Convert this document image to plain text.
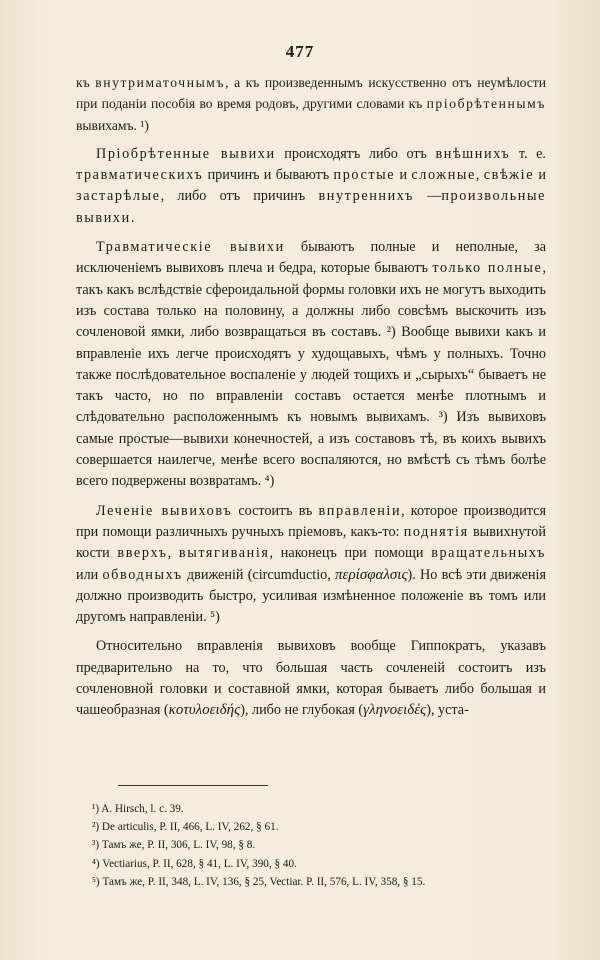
477

къ внутриматочнымъ, а къ произведеннымъ искусственно отъ неумѣлости при поданіи пособія во время родовъ, другими словами къ пріобрѣтеннымъ вывихамъ. ¹)

Пріобрѣтенные вывихи происходятъ либо отъ внѣшнихъ т. е. травматическихъ причинъ и бываютъ простые и сложные, свѣжіе и застарѣлые, либо отъ причинъ внутреннихъ —произвольные вывихи.

Травматическіе вывихи бываютъ полные и неполные, за исключеніемъ вывиховъ плеча и бедра, которые бываютъ только полные, такъ какъ вслѣдствіе сфероидальной формы головки ихъ не могутъ выходить изъ состава только на половину, а должны либо совсѣмъ выскочить изъ сочленовой ямки, либо возвращаться въ составъ. ²) Вообще вывихи какъ и вправленіе ихъ легче происходятъ у худощавыхъ, чѣмъ у полныхъ. Точно также послѣдовательное воспаленіе у людей тощихъ и „сырыхъ“ бываетъ не такъ часто, но по вправленіи составъ остается менѣе плотнымъ и слѣдовательно расположеннымъ къ новымъ вывихамъ. ³) Изъ вывиховъ самые простые—вывихи конечностей, а изъ составовъ тѣ, въ коихъ вывихъ совершается наилегче, менѣе всего воспаляются, но вмѣстѣ съ тѣмъ болѣе всего подвержены возвратамъ. ⁴)

Леченіе вывиховъ состоитъ въ вправленіи, которое производится при помощи различныхъ ручныхъ пріемовъ, какъ-то: поднятія вывихнутой кости вверхъ, вытягиванія, наконецъ при помощи вращательныхъ или обводныхъ движеній (circumductio, περίσφαλσις). Но всѣ эти движенія должно производить быстро, усиливая измѣненное положеніе въ томъ или другомъ направленіи. ⁵)

Относительно вправленія вывиховъ вообще Гиппократъ, указавъ предварительно на то, что большая часть сочленеій состоитъ изъ сочленовной головки и составной ямки, которая бываетъ либо большая и чашеобразная (κοτυλοειδής), либо не глубокая (γληνοειδές), уста-

¹) A. Hirsch, l. c. 39.

²) De articulis, P. II, 466, L. IV, 262, § 61.

³) Тамъ же, P. II, 306, L. IV, 98, § 8.

⁴) Vectiarius, P. II, 628, § 41, L. IV, 390, § 40.

⁵) Тамъ же, P. II, 348, L. IV, 136, § 25, Vectiar. P. II, 576, L. IV, 358, § 15.
